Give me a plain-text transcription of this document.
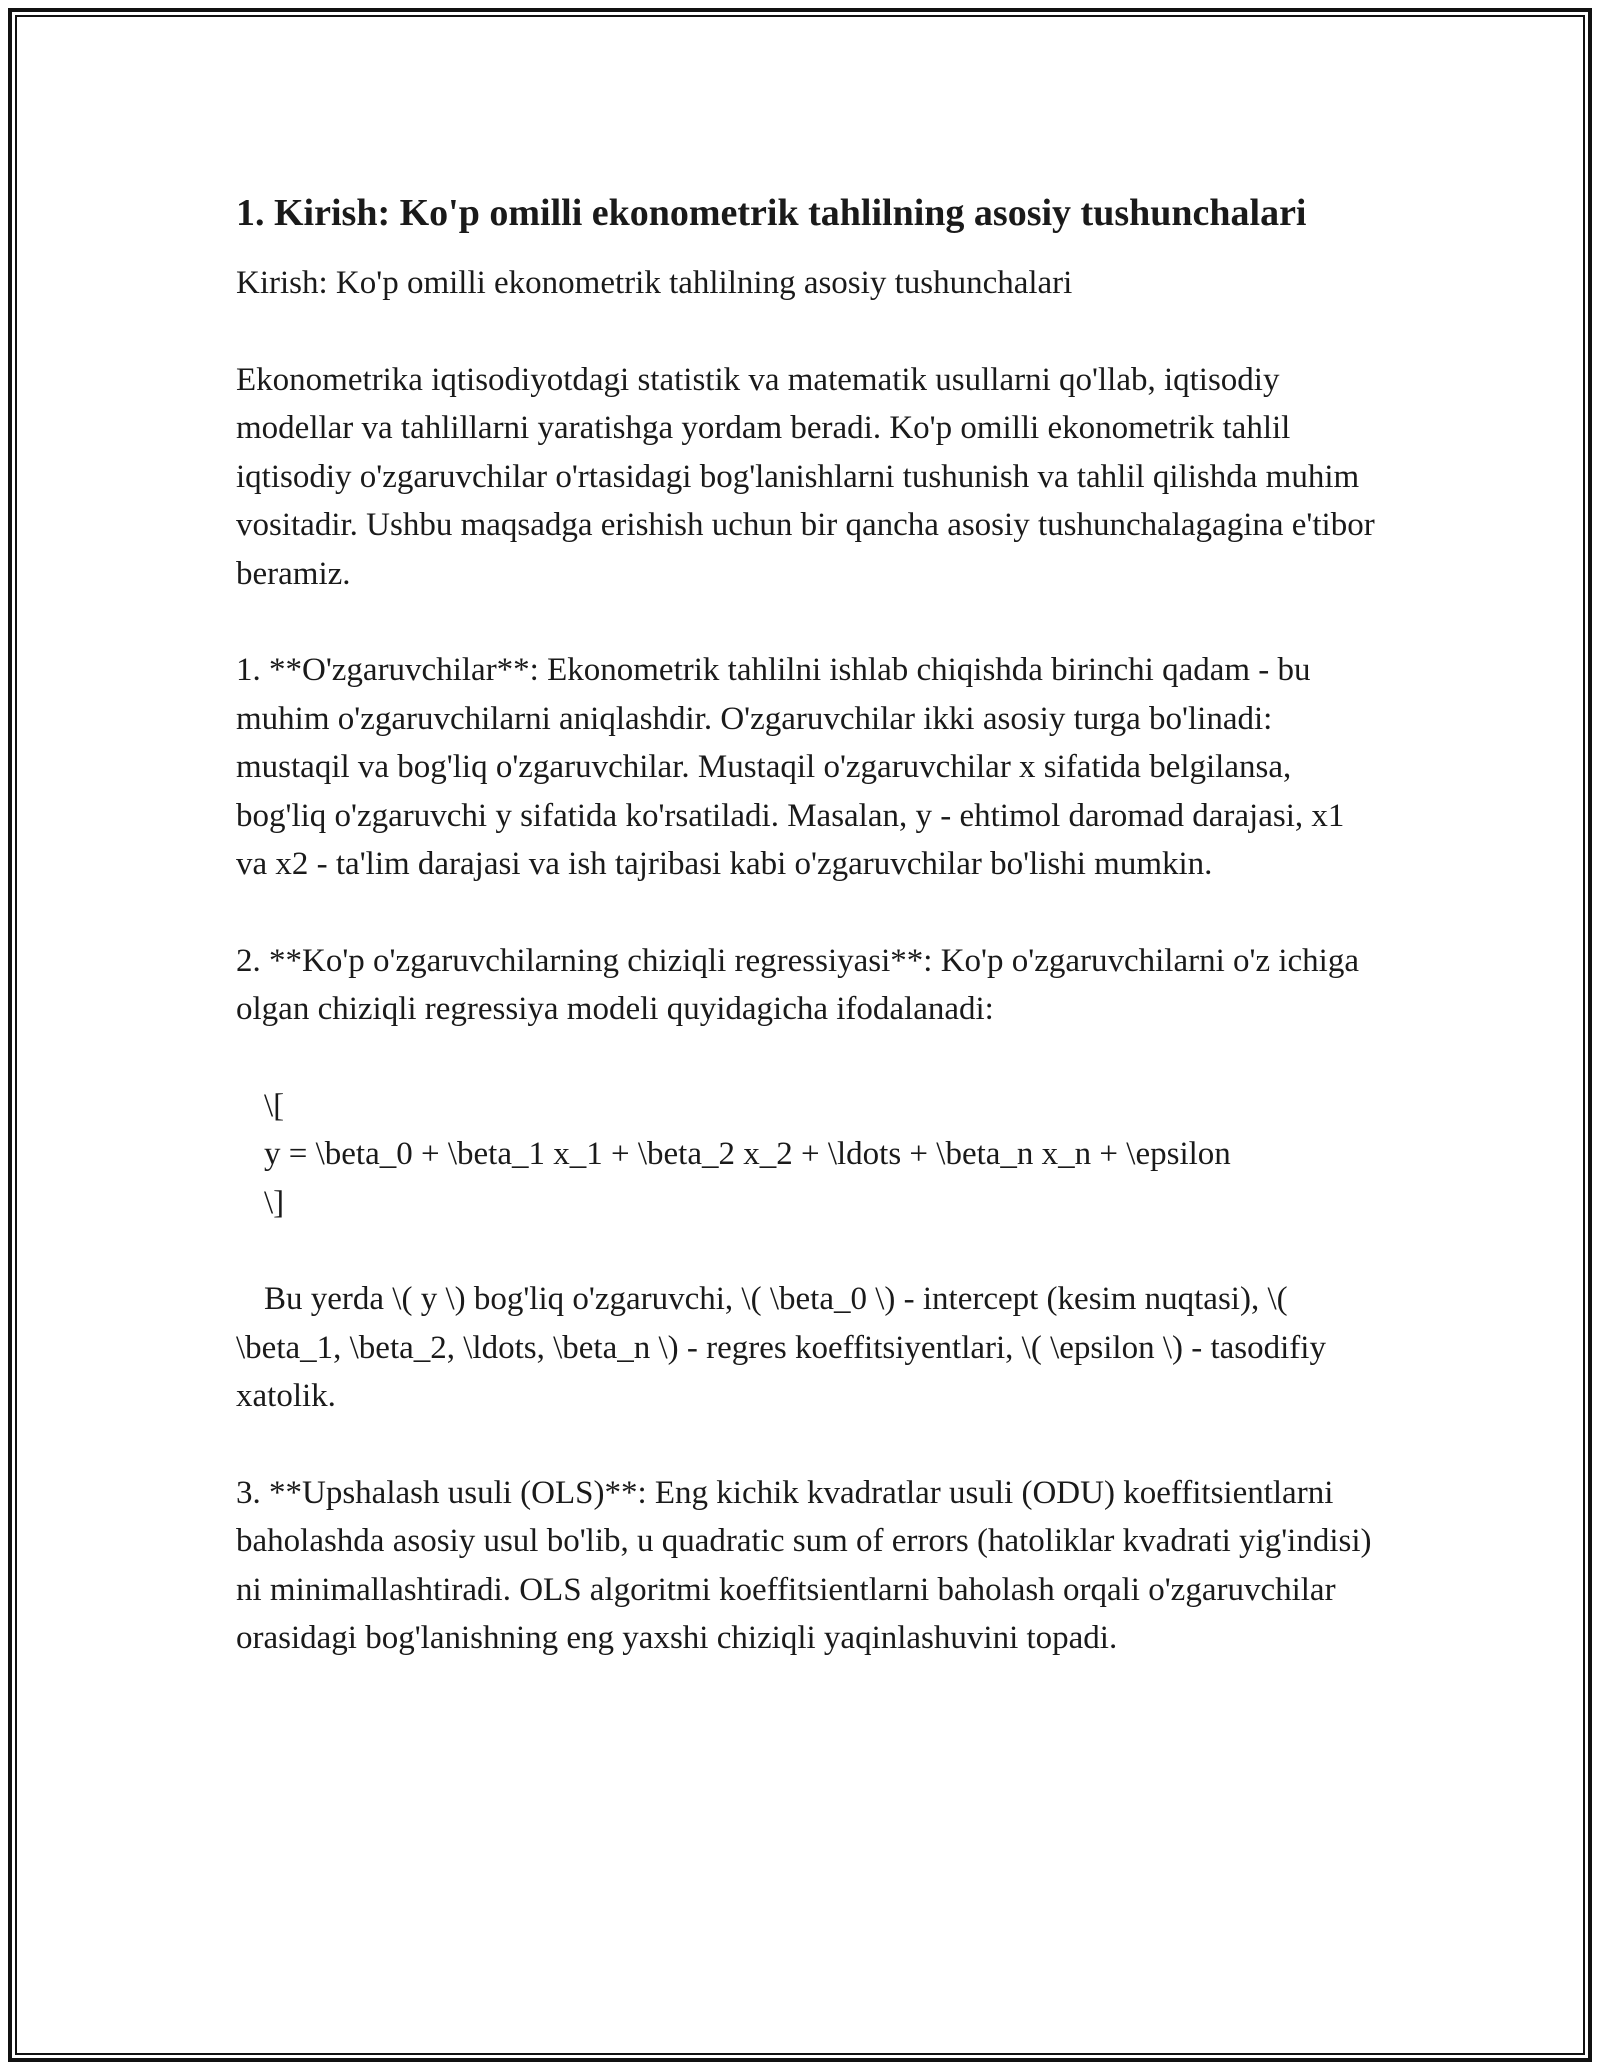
1. Kirish: Ko'p omilli ekonometrik tahlilning asosiy tushunchalari

Kirish: Ko'p omilli ekonometrik tahlilning asosiy tushunchalari

Ekonometrika iqtisodiyotdagi statistik va matematik usullarni qo'llab, iqtisodiy modellar va tahlillarni yaratishga yordam beradi. Ko'p omilli ekonometrik tahlil iqtisodiy o'zgaruvchilar o'rtasidagi bog'lanishlarni tushunish va tahlil qilishda muhim vositadir. Ushbu maqsadga erishish uchun bir qancha asosiy tushunchalagagina e'tibor beramiz.

1. **O'zgaruvchilar**: Ekonometrik tahlilni ishlab chiqishda birinchi qadam - bu muhim o'zgaruvchilarni aniqlashdir. O'zgaruvchilar ikki asosiy turga bo'linadi: mustaqil va bog'liq o'zgaruvchilar. Mustaqil o'zgaruvchilar x sifatida belgilansa, bog'liq o'zgaruvchi y sifatida ko'rsatiladi. Masalan, y - ehtimol daromad darajasi, x1 va x2 - ta'lim darajasi va ish tajribasi kabi o'zgaruvchilar bo'lishi mumkin.

2. **Ko'p o'zgaruvchilarning chiziqli regressiyasi**: Ko'p o'zgaruvchilarni o'z ichiga olgan chiziqli regressiya modeli quyidagicha ifodalanadi:

\[
y = \beta_0 + \beta_1 x_1 + \beta_2 x_2 + \ldots + \beta_n x_n + \epsilon
\]

Bu yerda \( y \) bog'liq o'zgaruvchi, \( \beta_0 \) - intercept (kesim nuqtasi), \( \beta_1, \beta_2, \ldots, \beta_n \) - regres koeffitsiyentlari, \( \epsilon \) - tasodifiy xatolik.

3. **Upshalash usuli (OLS)**: Eng kichik kvadratlar usuli (ODU) koeffitsientlarni baholashda asosiy usul bo'lib, u quadratic sum of errors (hatoliklar kvadrati yig'indisi) ni minimallashtiradi. OLS algoritmi koeffitsientlarni baholash orqali o'zgaruvchilar orasidagi bog'lanishning eng yaxshi chiziqli yaqinlashuvini topadi.
